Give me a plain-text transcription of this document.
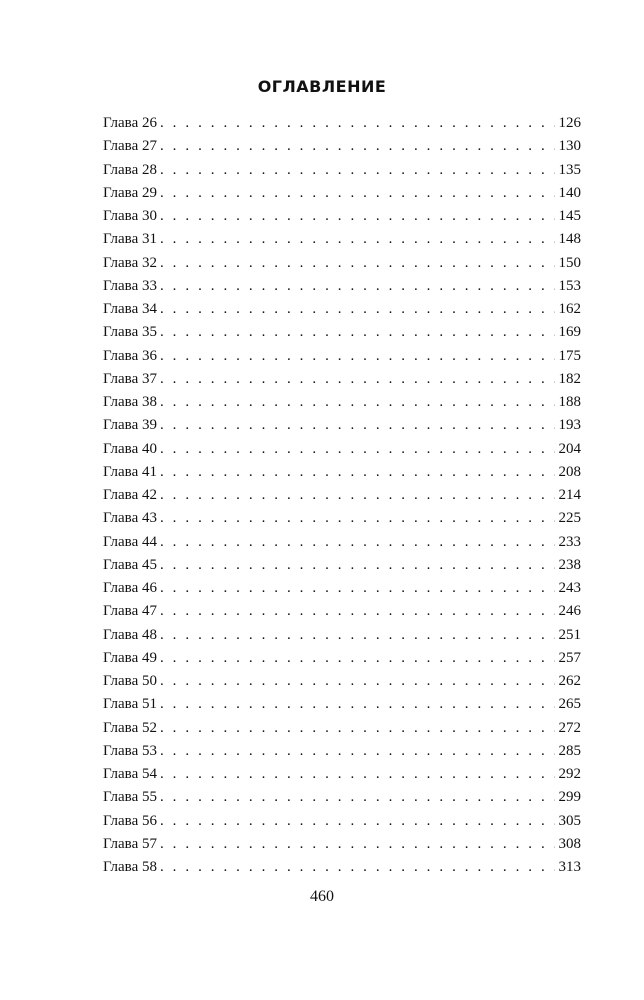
ОГЛАВЛЕНИЕ
Глава 26 . . .	126
Глава 27 . . .	130
Глава 28 . . .	135
Глава 29 . . .	140
Глава 30 . . .	145
Глава 31 . . .	148
Глава 32 . . .	150
Глава 33 . . .	153
Глава 34 . . .	162
Глава 35 . . .	169
Глава 36 . . .	175
Глава 37 . . .	182
Глава 38 . . .	188
Глава 39 . . .	193
Глава 40 . . .	204
Глава 41 . . .	208
Глава 42 . . .	214
Глава 43 . . .	225
Глава 44 . . .	233
Глава 45 . . .	238
Глава 46 . . .	243
Глава 47 . . .	246
Глава 48 . . .	251
Глава 49 . . .	257
Глава 50 . . .	262
Глава 51 . . .	265
Глава 52 . . .	272
Глава 53 . . .	285
Глава 54 . . .	292
Глава 55 . . .	299
Глава 56 . . .	305
Глава 57 . . .	308
Глава 58 . . .	313
460
